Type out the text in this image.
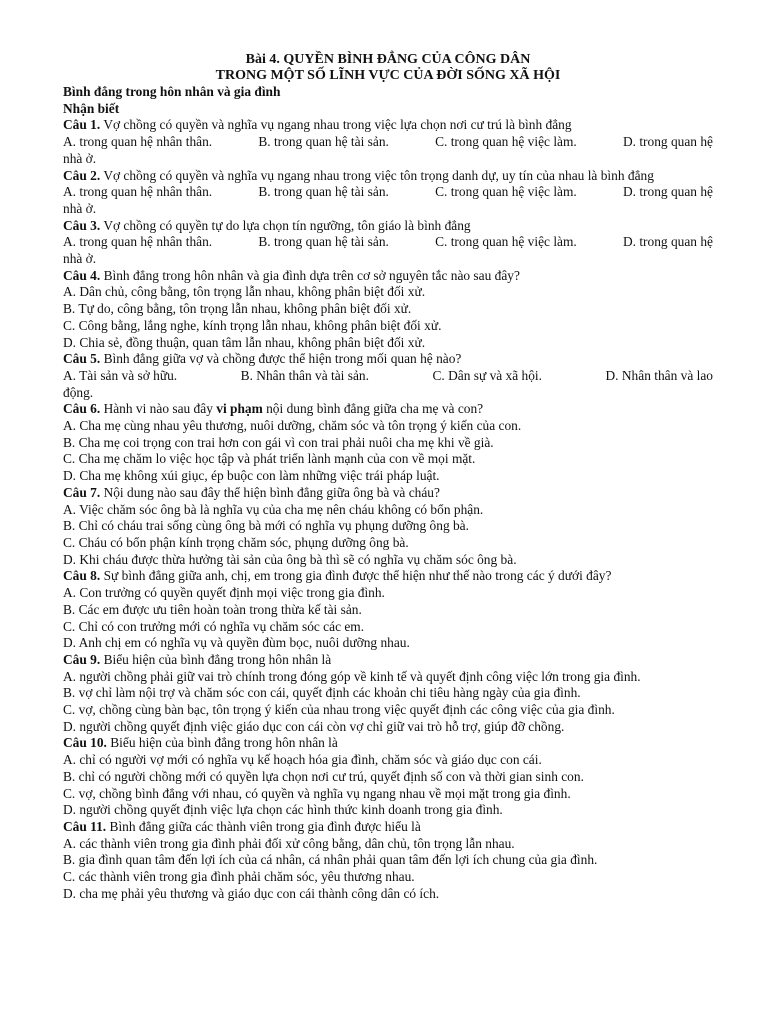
Bài 4. QUYỀN BÌNH ĐẲNG CỦA CÔNG DÂN
TRONG MỘT SỐ LĨNH VỰC CỦA ĐỜI SỐNG XÃ HỘI
Bình đẳng trong hôn nhân và gia đình
Nhận biết
Câu 1. Vợ chồng có quyền và nghĩa vụ ngang nhau trong việc lựa chọn nơi cư trú là bình đẳng
A. trong quan hệ nhân thân.	B. trong quan hệ tài sản.	C. trong quan hệ việc làm.	D. trong quan hệ
nhà ở.
Câu 2. Vợ chồng có quyền và nghĩa vụ ngang nhau trong việc tôn trọng danh dự, uy tín của nhau là bình đẳng
A. trong quan hệ nhân thân.	B. trong quan hệ tài sản.	C. trong quan hệ việc làm.	D. trong quan hệ
nhà ở.
Câu 3. Vợ chồng có quyền tự do lựa chọn tín ngưỡng, tôn giáo là bình đẳng
A. trong quan hệ nhân thân.	B. trong quan hệ tài sản.	C. trong quan hệ việc làm.	D. trong quan hệ
nhà ở.
Câu 4. Bình đẳng trong hôn nhân và gia đình dựa trên cơ sở nguyên tắc nào sau đây?
A. Dân chủ, công bằng, tôn trọng lẫn nhau, không phân biệt đối xử.
B. Tự do, công bằng, tôn trọng lẫn nhau, không phân biệt đối xử.
C. Công bằng, lắng nghe, kính trọng lẫn nhau, không phân biệt đối xử.
D. Chia sẻ, đồng thuận, quan tâm lẫn nhau, không phân biệt đối xử.
Câu 5. Bình đẳng giữa vợ và chồng được thể hiện trong mối quan hệ nào?
A. Tài sản và sở hữu.	B. Nhân thân và tài sản.	C. Dân sự và xã hội.	D. Nhân thân và lao
động.
Câu 6. Hành vi nào sau đây vi phạm nội dung bình đẳng giữa cha mẹ và con?
A. Cha mẹ cùng nhau yêu thương, nuôi dưỡng, chăm sóc và tôn trọng ý kiến của con.
B. Cha mẹ coi trọng con trai hơn con gái vì con trai phải nuôi cha mẹ khi về già.
C. Cha mẹ chăm lo việc học tập và phát triển lành mạnh của con về mọi mặt.
D. Cha mẹ không xúi giục, ép buộc con làm những việc trái pháp luật.
Câu 7. Nội dung nào sau đây thể hiện bình đẳng giữa ông bà và cháu?
A. Việc chăm sóc ông bà là nghĩa vụ của cha mẹ nên cháu không có bổn phận.
B. Chỉ có cháu trai sống cùng ông bà mới có nghĩa vụ phụng dưỡng ông bà.
C. Cháu có bổn phận kính trọng chăm sóc, phụng dưỡng ông bà.
D. Khi cháu được thừa hưởng tài sản của ông bà thì sẽ có nghĩa vụ chăm sóc ông bà.
Câu 8. Sự bình đẳng giữa anh, chị, em trong gia đình được thể hiện như thế nào trong các ý dưới đây?
A. Con trưởng có quyền quyết định mọi việc trong gia đình.
B. Các em được ưu tiên hoàn toàn trong thừa kế tài sản.
C. Chỉ có con trưởng mới có nghĩa vụ chăm sóc các em.
D. Anh chị em có nghĩa vụ và quyền đùm bọc, nuôi dưỡng nhau.
Câu 9. Biểu hiện của bình đẳng trong hôn nhân là
A. người chồng phải giữ vai trò chính trong đóng góp về kinh tế và quyết định công việc lớn trong gia đình.
B. vợ chỉ làm nội trợ và chăm sóc con cái, quyết định các khoản chi tiêu hàng ngày của gia đình.
C. vợ, chồng cùng bàn bạc, tôn trọng ý kiến của nhau trong việc quyết định các công việc của gia đình.
D. người chồng quyết định việc giáo dục con cái còn vợ chỉ giữ vai trò hỗ trợ, giúp đỡ chồng.
Câu 10. Biểu hiện của bình đẳng trong hôn nhân là
A. chỉ có người vợ mới có nghĩa vụ kế hoạch hóa gia đình, chăm sóc và giáo dục con cái.
B. chỉ có người chồng mới có quyền lựa chọn nơi cư trú, quyết định số con và thời gian sinh con.
C. vợ, chồng bình đẳng với nhau, có quyền và nghĩa vụ ngang nhau về mọi mặt trong gia đình.
D. người chồng quyết định việc lựa chọn các hình thức kinh doanh trong gia đình.
Câu 11. Bình đẳng giữa các thành viên trong gia đình được hiểu là
A. các thành viên trong gia đình phải đối xử công bằng, dân chủ, tôn trọng lẫn nhau.
B. gia đình quan tâm đến lợi ích của cá nhân, cá nhân phải quan tâm đến lợi ích chung của gia đình.
C. các thành viên trong gia đình phải chăm sóc, yêu thương nhau.
D. cha mẹ phải yêu thương và giáo dục con cái thành công dân có ích.
